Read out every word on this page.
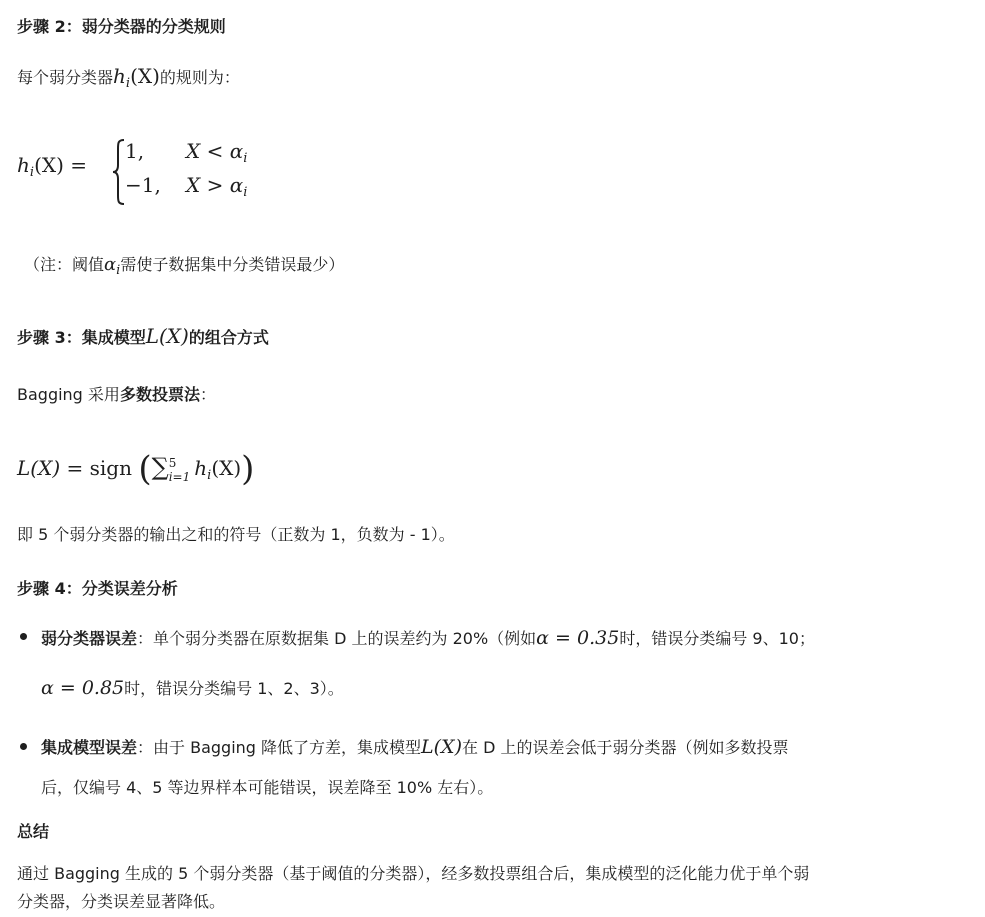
步骤 2：弱分类器的分类规则
每个弱分类器$h_i(X)$的规则为：
$h_i(X)$ =
1, $X < \alpha_i$
−1, $X > \alpha_i$
（注：阈值$\alpha_i$需使子数据集中分类错误最少）
步骤 3：集成模型L(X)的组合方式
Bagging 采用多数投票法：
L(X) = sign (∑ 5
i=1 $h_i(X)$)
即 5 个弱分类器的输出之和的符号（正数为 1，负数为 - 1）。
步骤 4：分类误差分析
弱分类器误差：单个弱分类器在原数据集 D 上的误差约为 20%（例如α = 0.35时，错误分类编号 9、10；
α = 0.85时，错误分类编号 1、2、3）。
集成模型误差：由于 Bagging 降低了方差，集成模型L(X)在 D 上的误差会低于弱分类器（例如多数投票
后，仅编号 4、5 等边界样本可能错误，误差降至 10% 左右）。
总结
通过 Bagging 生成的 5 个弱分类器（基于阈值的分类器），经多数投票组合后，集成模型的泛化能力优于单个弱
分类器，分类误差显著降低。
